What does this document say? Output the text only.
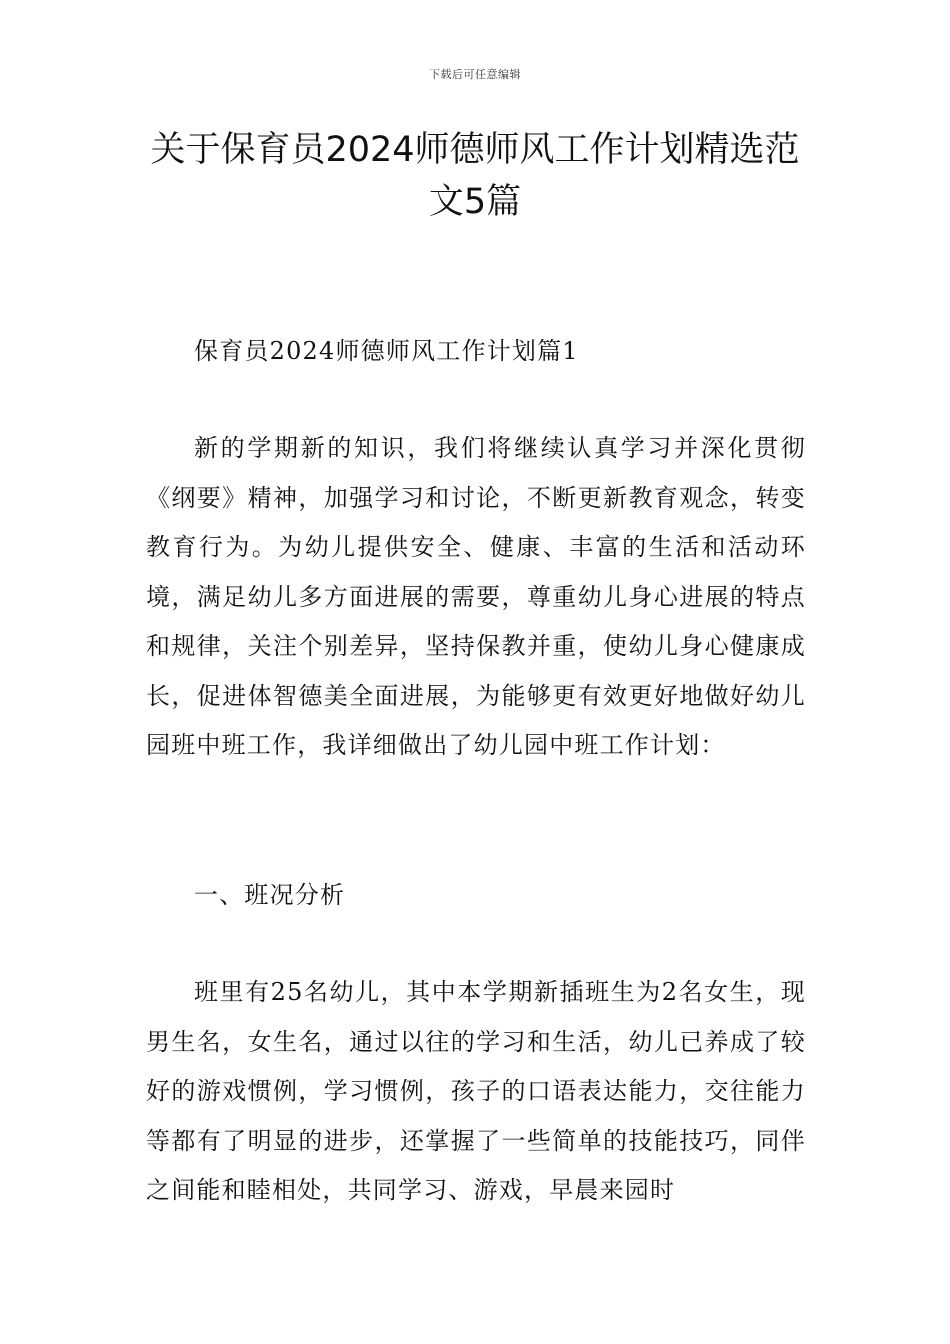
下载后可任意编辑
关于保育员2024师德师风工作计划精选范文5篇

保育员2024师德师风工作计划篇1

新的学期新的知识，我们将继续认真学习并深化贯彻《纲要》精神，加强学习和讨论，不断更新教育观念，转变教育行为。为幼儿提供安全、健康、丰富的生活和活动环境，满足幼儿多方面进展的需要，尊重幼儿身心进展的特点和规律，关注个别差异，坚持保教并重，使幼儿身心健康成长，促进体智德美全面进展，为能够更有效更好地做好幼儿园班中班工作，我详细做出了幼儿园中班工作计划：

一、班况分析

班里有25名幼儿，其中本学期新插班生为2名女生，现男生名，女生名，通过以往的学习和生活，幼儿已养成了较好的游戏惯例，学习惯例，孩子的口语表达能力，交往能力等都有了明显的进步，还掌握了一些简单的技能技巧，同伴之间能和睦相处，共同学习、游戏，早晨来园时
